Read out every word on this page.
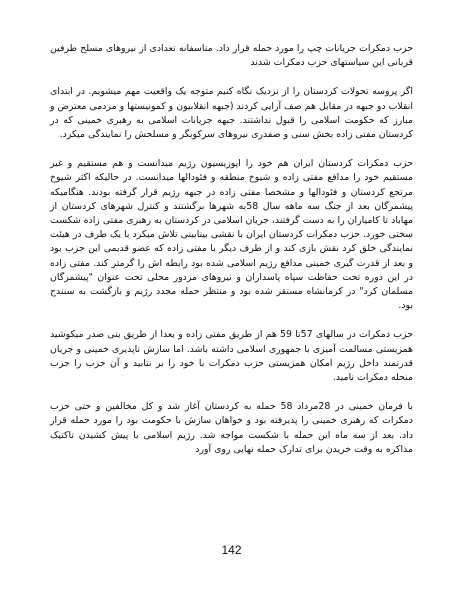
حزب دمکرات جریانات چپ را مورد حمله قرار داد. متاسفانه تعدادی از نیروهای مسلح طرفین قربانی این سیاستهای حزب دمکرات شدند

اگر پروسه تحولات کردستان را از نزدیک نگاه کنیم متوجه یک واقعیت مهم میشویم. در ابتدای انقلاب دو جبهه در مقابل هم صف آرایی کردند (جبهه انقلابیون و کمونیستها و مردمی معترض و مبارز که حکومت اسلامی را قبول نداشتند. جبهه جریانات اسلامی به رهبری خمینی که در کردستان مفتی زاده بخش سنی و صفدری نیروهای سرکوبگر و مسلحش را نمایندگی میکرد.

حزب دمکرات کردستان ایران هم خود را اپوزیسیون رژیم میدانست و هم مستقیم و غیر مستقیم خود را مدافع مفتی زاده و شیوخ منطقه و فئودالها میدانست. در حالیکه اکثر شیوخ مرتجع کردستان و فئودالها و مشخصا مفتی زاده در جبهه رژیم قرار گرفته بودند. هنگامیکه پیشمرگان بعد از جنگ سه ماهه سال 58به شهرها برگشتند و کنترل شهرهای کردستان از مهاباد تا کامیاران را به دست گرفتند، جریان اسلامی در کردستان به رهبری مفتی زاده شکست سختی خورد. حزب دمکرات کردستان ایران با نقشی بینابینی تلاش میکرد با یک طرف در هیئت نمایندگی خلق کرد نقش بازی کند و از طرف دیگر با مفتی زاده که عضو قدیمی این حزب بود و بعد از قدرت گیری خمینی مدافع رژیم اسلامی شده بود رابطه اش را گرمتر کند. مفتی زاده در این دوره تحت حفاظت سپاه پاسداران و نیروهای مزدور محلی تحت عنوان "پیشمرگان مسلمان کرد" در کرمانشاه مستقر شده بود و منتظر حمله مجدد رژیم و بازگشت به سنندج بود.

حزب دمکرات در سالهای 57تا 59 هم از طریق مفتی زاده و بعدا از طریق بنی صدر میکوشید همزیستی مسالمت آمیزی با جمهوری اسلامی داشته باشد. اما سازش ناپذیری خمینی و جریان قدرتمند داخل رژیم امکان همزیستی حزب دمکرات با خود را بر نتابید و آن حزب را جزب منحله دمکرات نامید.

با فرمان خمینی در 28مرداد 58 حمله به کردستان آغاز شد و کل مخالفین و حتی حزب دمکرات که رهبری خمینی را پذیرفته بود و خواهان سازش با حکومت بود را مورد حمله قرار داد. بعد از سه ماه این حمله با شکست مواجه شد. رژیم اسلامی با پیش کشیدن تاکتیک مذاکره به وقت خریدن برای تدارک حمله نهایی روی آورد

142
